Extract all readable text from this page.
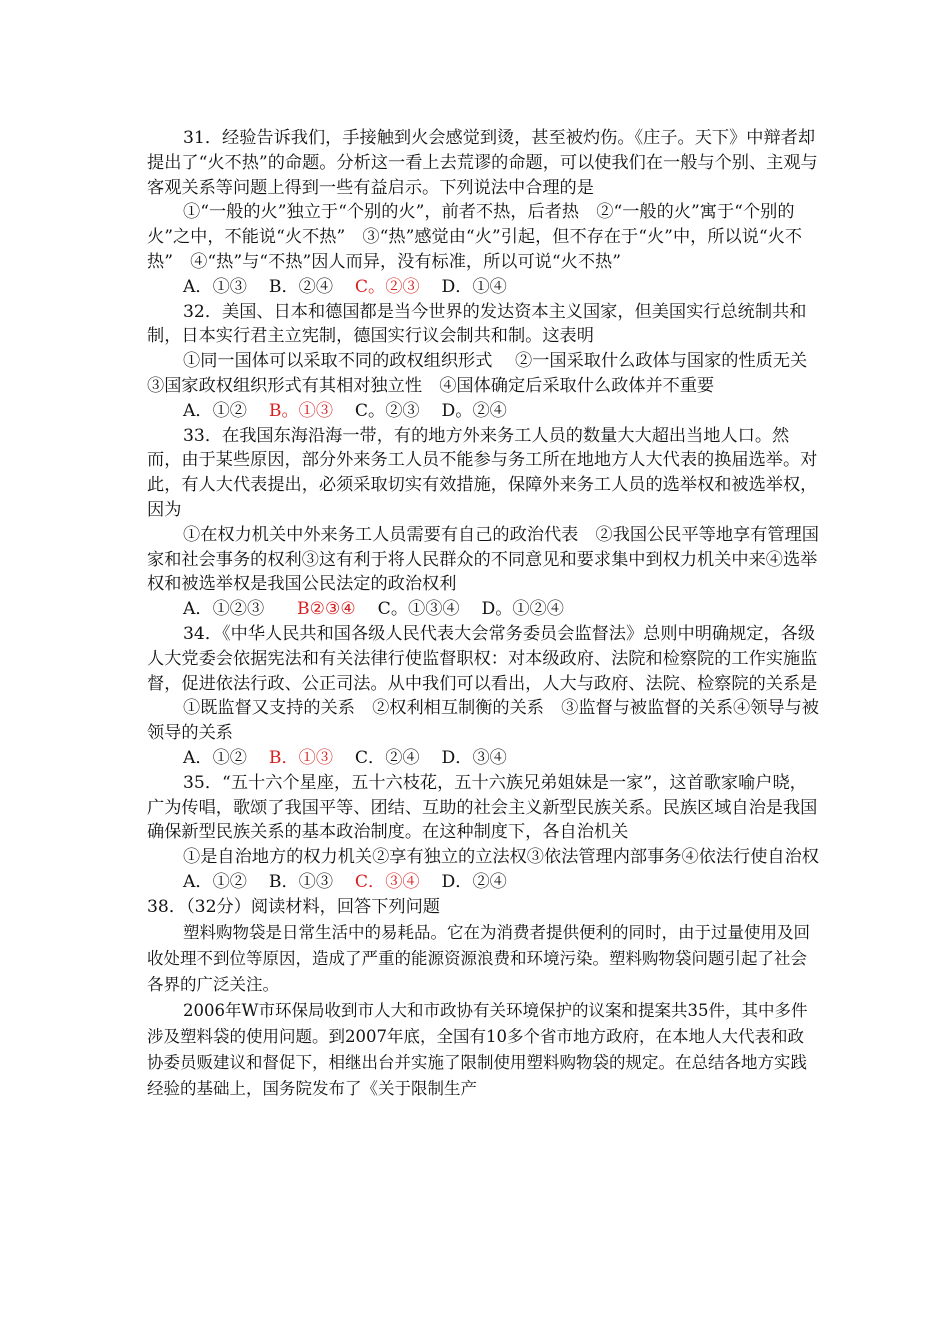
31．经验告诉我们，手接触到火会感觉到烫，甚至被灼伤。《庄子。天下》中辩者却提出了“火不热”的命题。分析这一看上去荒谬的命题，可以使我们在一般与个别、主观与客观关系等问题上得到一些有益启示。下列说法中合理的是

①“一般的火”独立于“个别的火”，前者不热，后者热　②“一般的火”寓于“个别的火”之中，不能说“火不热”　③“热”感觉由“火”引起，但不存在于“火”中，所以说“火不热”　④“热”与“不热”因人而异，没有标准，所以可说“火不热”

A．①③ B．②④ C。②③ D．①④

32．美国、日本和德国都是当今世界的发达资本主义国家，但美国实行总统制共和制，日本实行君主立宪制，德国实行议会制共和制。这表明

①同一国体可以采取不同的政权组织形式　 ②一国采取什么政体与国家的性质无关　③国家政权组织形式有其相对独立性　④国体确定后采取什么政体并不重要

A．①② B。①③ C。②③ D。②④

33．在我国东海沿海一带，有的地方外来务工人员的数量大大超出当地人口。然而，由于某些原因，部分外来务工人员不能参与务工所在地地方人大代表的换届选举。对此，有人大代表提出，必须采取切实有效措施，保障外来务工人员的选举权和被选举权，因为

①在权力机关中外来务工人员需要有自己的政治代表　②我国公民平等地享有管理国家和社会事务的权利③这有利于将人民群众的不同意见和要求集中到权力机关中来④选举权和被选举权是我国公民法定的政治权利

A．①②③ B②③④ C。①③④ D。①②④

34．《中华人民共和国各级人民代表大会常务委员会监督法》总则中明确规定，各级人大党委会依据宪法和有关法律行使监督职权：对本级政府、法院和检察院的工作实施监督，促进依法行政、公正司法。从中我们可以看出，人大与政府、法院、检察院的关系是

①既监督又支持的关系　②权利相互制衡的关系　③监督与被监督的关系④领导与被领导的关系

A．①② B．①③ C．②④ D．③④

35．“五十六个星座，五十六枝花，五十六族兄弟姐妹是一家”，这首歌家喻户晓，广为传唱，歌颂了我国平等、团结、互助的社会主义新型民族关系。民族区域自治是我国确保新型民族关系的基本政治制度。在这种制度下，各自治机关

①是自治地方的权力机关②享有独立的立法权③依法管理内部事务④依法行使自治权

A．①② B．①③ C．③④ D．②④

38．（32分）阅读材料，回答下列问题

塑料购物袋是日常生活中的易耗品。它在为消费者提供便利的同时，由于过量使用及回收处理不到位等原因，造成了严重的能源资源浪费和环境污染。塑料购物袋问题引起了社会各界的广泛关注。

2006年W市环保局收到市人大和市政协有关环境保护的议案和提案共35件，其中多件涉及塑料袋的使用问题。到2007年底，全国有10多个省市地方政府，在本地人大代表和政协委员贩建议和督促下，相继出台并实施了限制使用塑料购物袋的规定。在总结各地方实践经验的基础上，国务院发布了《关于限制生产
